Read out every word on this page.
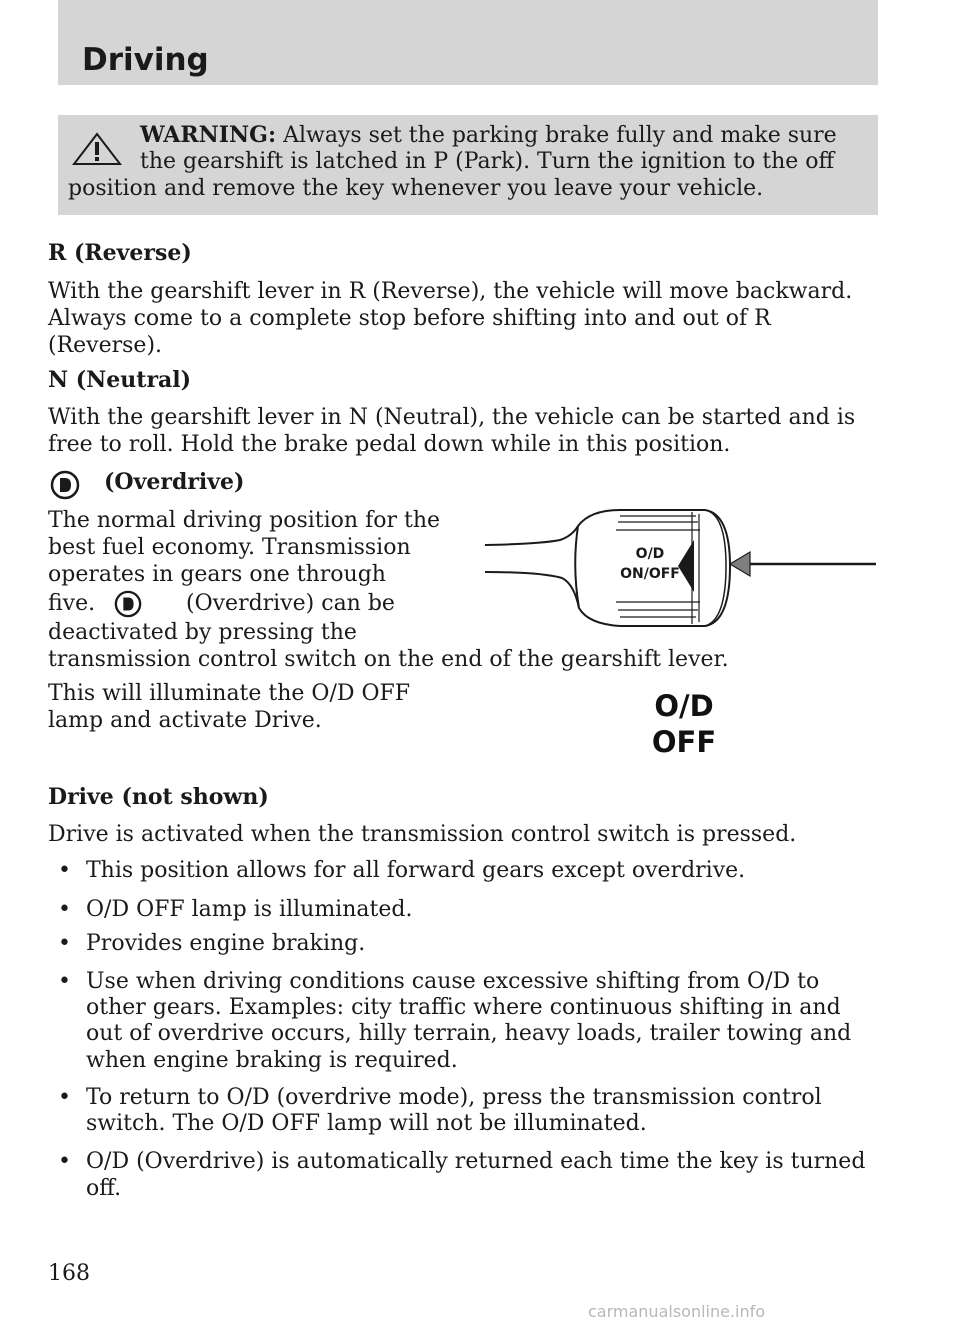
Driving
WARNING: Always set the parking brake fully and make sure
the gearshift is latched in P (Park). Turn the ignition to the off
position and remove the key whenever you leave your vehicle.
R (Reverse)
With the gearshift lever in R (Reverse), the vehicle will move backward.
Always come to a complete stop before shifting into and out of R
(Reverse).
N (Neutral)
With the gearshift lever in N (Neutral), the vehicle can be started and is
free to roll. Hold the brake pedal down while in this position.
(Overdrive)
The normal driving position for the
best fuel economy. Transmission
operates in gears one through
five.	(Overdrive) can be
deactivated by pressing the
transmission control switch on the end of the gearshift lever.
This will illuminate the O/D OFF
lamp and activate Drive.
O/D
ON/OFF
O/D
OFF
Drive (not shown)
Drive is activated when the transmission control switch is pressed.
• This position allows for all forward gears except overdrive.
• O/D OFF lamp is illuminated.
• Provides engine braking.
• Use when driving conditions cause excessive shifting from O/D to
other gears. Examples: city traffic where continuous shifting in and
out of overdrive occurs, hilly terrain, heavy loads, trailer towing and
when engine braking is required.
• To return to O/D (overdrive mode), press the transmission control
switch. The O/D OFF lamp will not be illuminated.
• O/D (Overdrive) is automatically returned each time the key is turned
off.
168
carmanualsonline.info
